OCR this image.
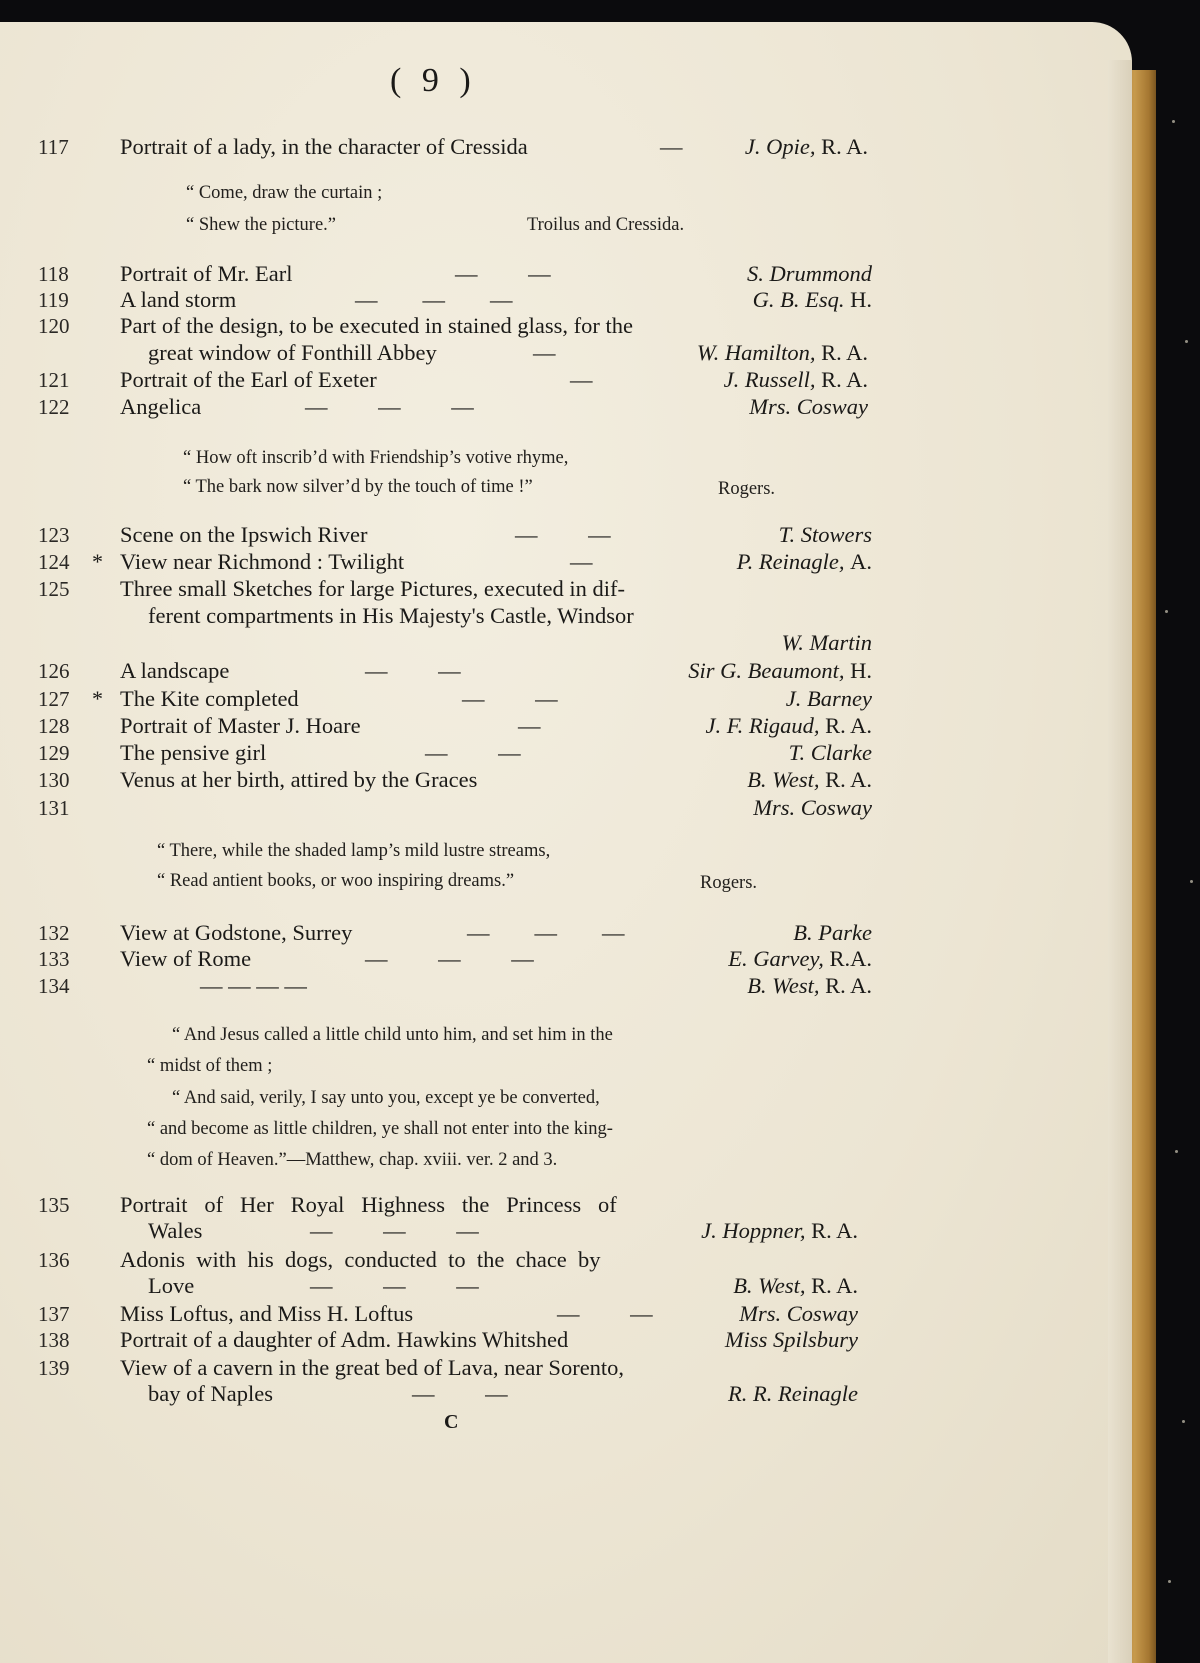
( 9 )
117 Portrait of a lady, in the character of Cressida	—	J. Opie, R. A.
“ Come, draw the curtain ;
“ Shew the picture.”	Troilus and Cressida.
118 Portrait of Mr. Earl	—         —	S. Drummond
119 A land storm	—        —        —	G. B. Esq. H.
120 Part of the design, to be executed in stained glass, for the
great window of Fonthill Abbey	—	W. Hamilton, R. A.
121 Portrait of the Earl of Exeter	—	J. Russell, R. A.
122 Angelica	—         —         —	Mrs. Cosway
“ How oft inscrib’d with Friendship’s votive rhyme,
“ The bark now silver’d by the touch of time !”	Rogers.
123 Scene on the Ipswich River	—         —	T. Stowers
124 * View near Richmond : Twilight	—	P. Reinagle, A.
125 Three small Sketches for large Pictures, executed in dif-
ferent compartments in His Majesty's Castle, Windsor
W. Martin
126 A landscape	—         —	Sir G. Beaumont, H.
127 * The Kite completed	—         —	J. Barney
128 Portrait of Master J. Hoare	—	J. F. Rigaud, R. A.
129 The pensive girl	—         —	T. Clarke
130 Venus at her birth, attired by the Graces	B. West, R. A.
131	Mrs. Cosway
“ There, while the shaded lamp’s mild lustre streams,
“ Read antient books, or woo inspiring dreams.”	Rogers.
132 View at Godstone, Surrey	—        —        —	B. Parke
133 View of Rome	—         —         —	E. Garvey, R.A.
134	— — — —	B. West, R. A.
“ And Jesus called a little child unto him, and set him in the
“ midst of them ;
“ And said, verily, I say unto you, except ye be converted,
“ and become as little children, ye shall not enter into the king-
“ dom of Heaven.”—Matthew, chap. xviii. ver. 2 and 3.
135 Portrait   of   Her   Royal   Highness   the   Princess   of
Wales	—         —         —	J. Hoppner, R. A.
136 Adonis  with  his  dogs,  conducted  to  the  chace  by
Love	—         —         —	B. West, R. A.
137 Miss Loftus, and Miss H. Loftus	—         —	Mrs. Cosway
138 Portrait of a daughter of Adm. Hawkins Whitshed	Miss Spilsbury
139 View of a cavern in the great bed of Lava, near Sorento,
bay of Naples	—         —	R. R. Reinagle
C
